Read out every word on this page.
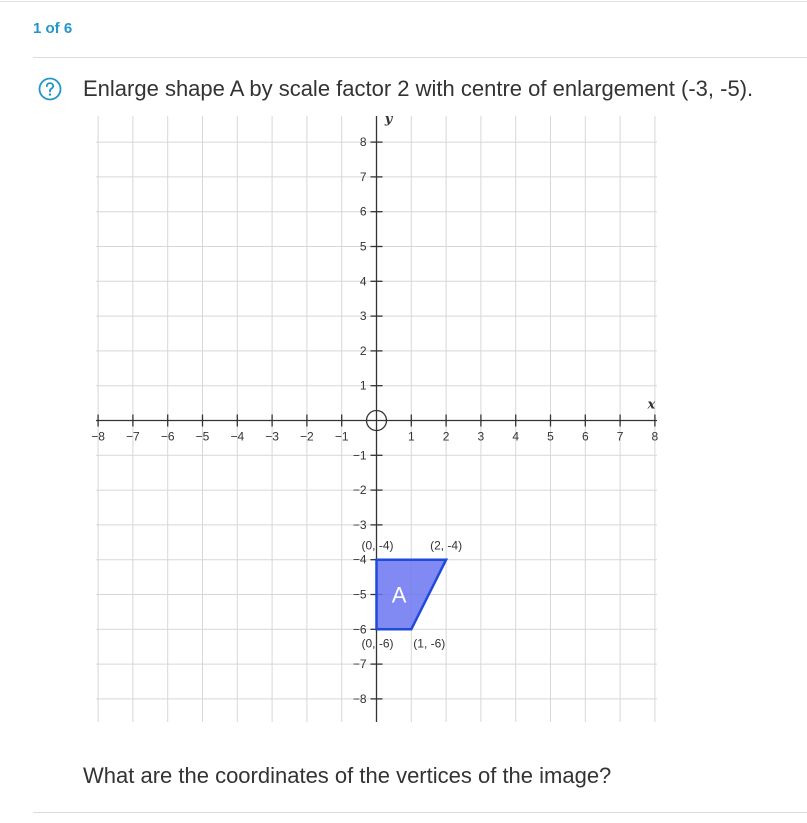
1 of 6
Enlarge shape A by scale factor 2 with centre of enlargement (-3, -5).
−8 −7 −6 −5 −4 −3 −2 −1	1 2 3 4 5 6 7 8
1
−1
2
−2
3
−3
4
−4
5
−5
6
−6
7
−7
8
−8
A
(0, -4)	(2, -4)
(0, -6) (1, -6)
x
y
What are the coordinates of the vertices of the image?
